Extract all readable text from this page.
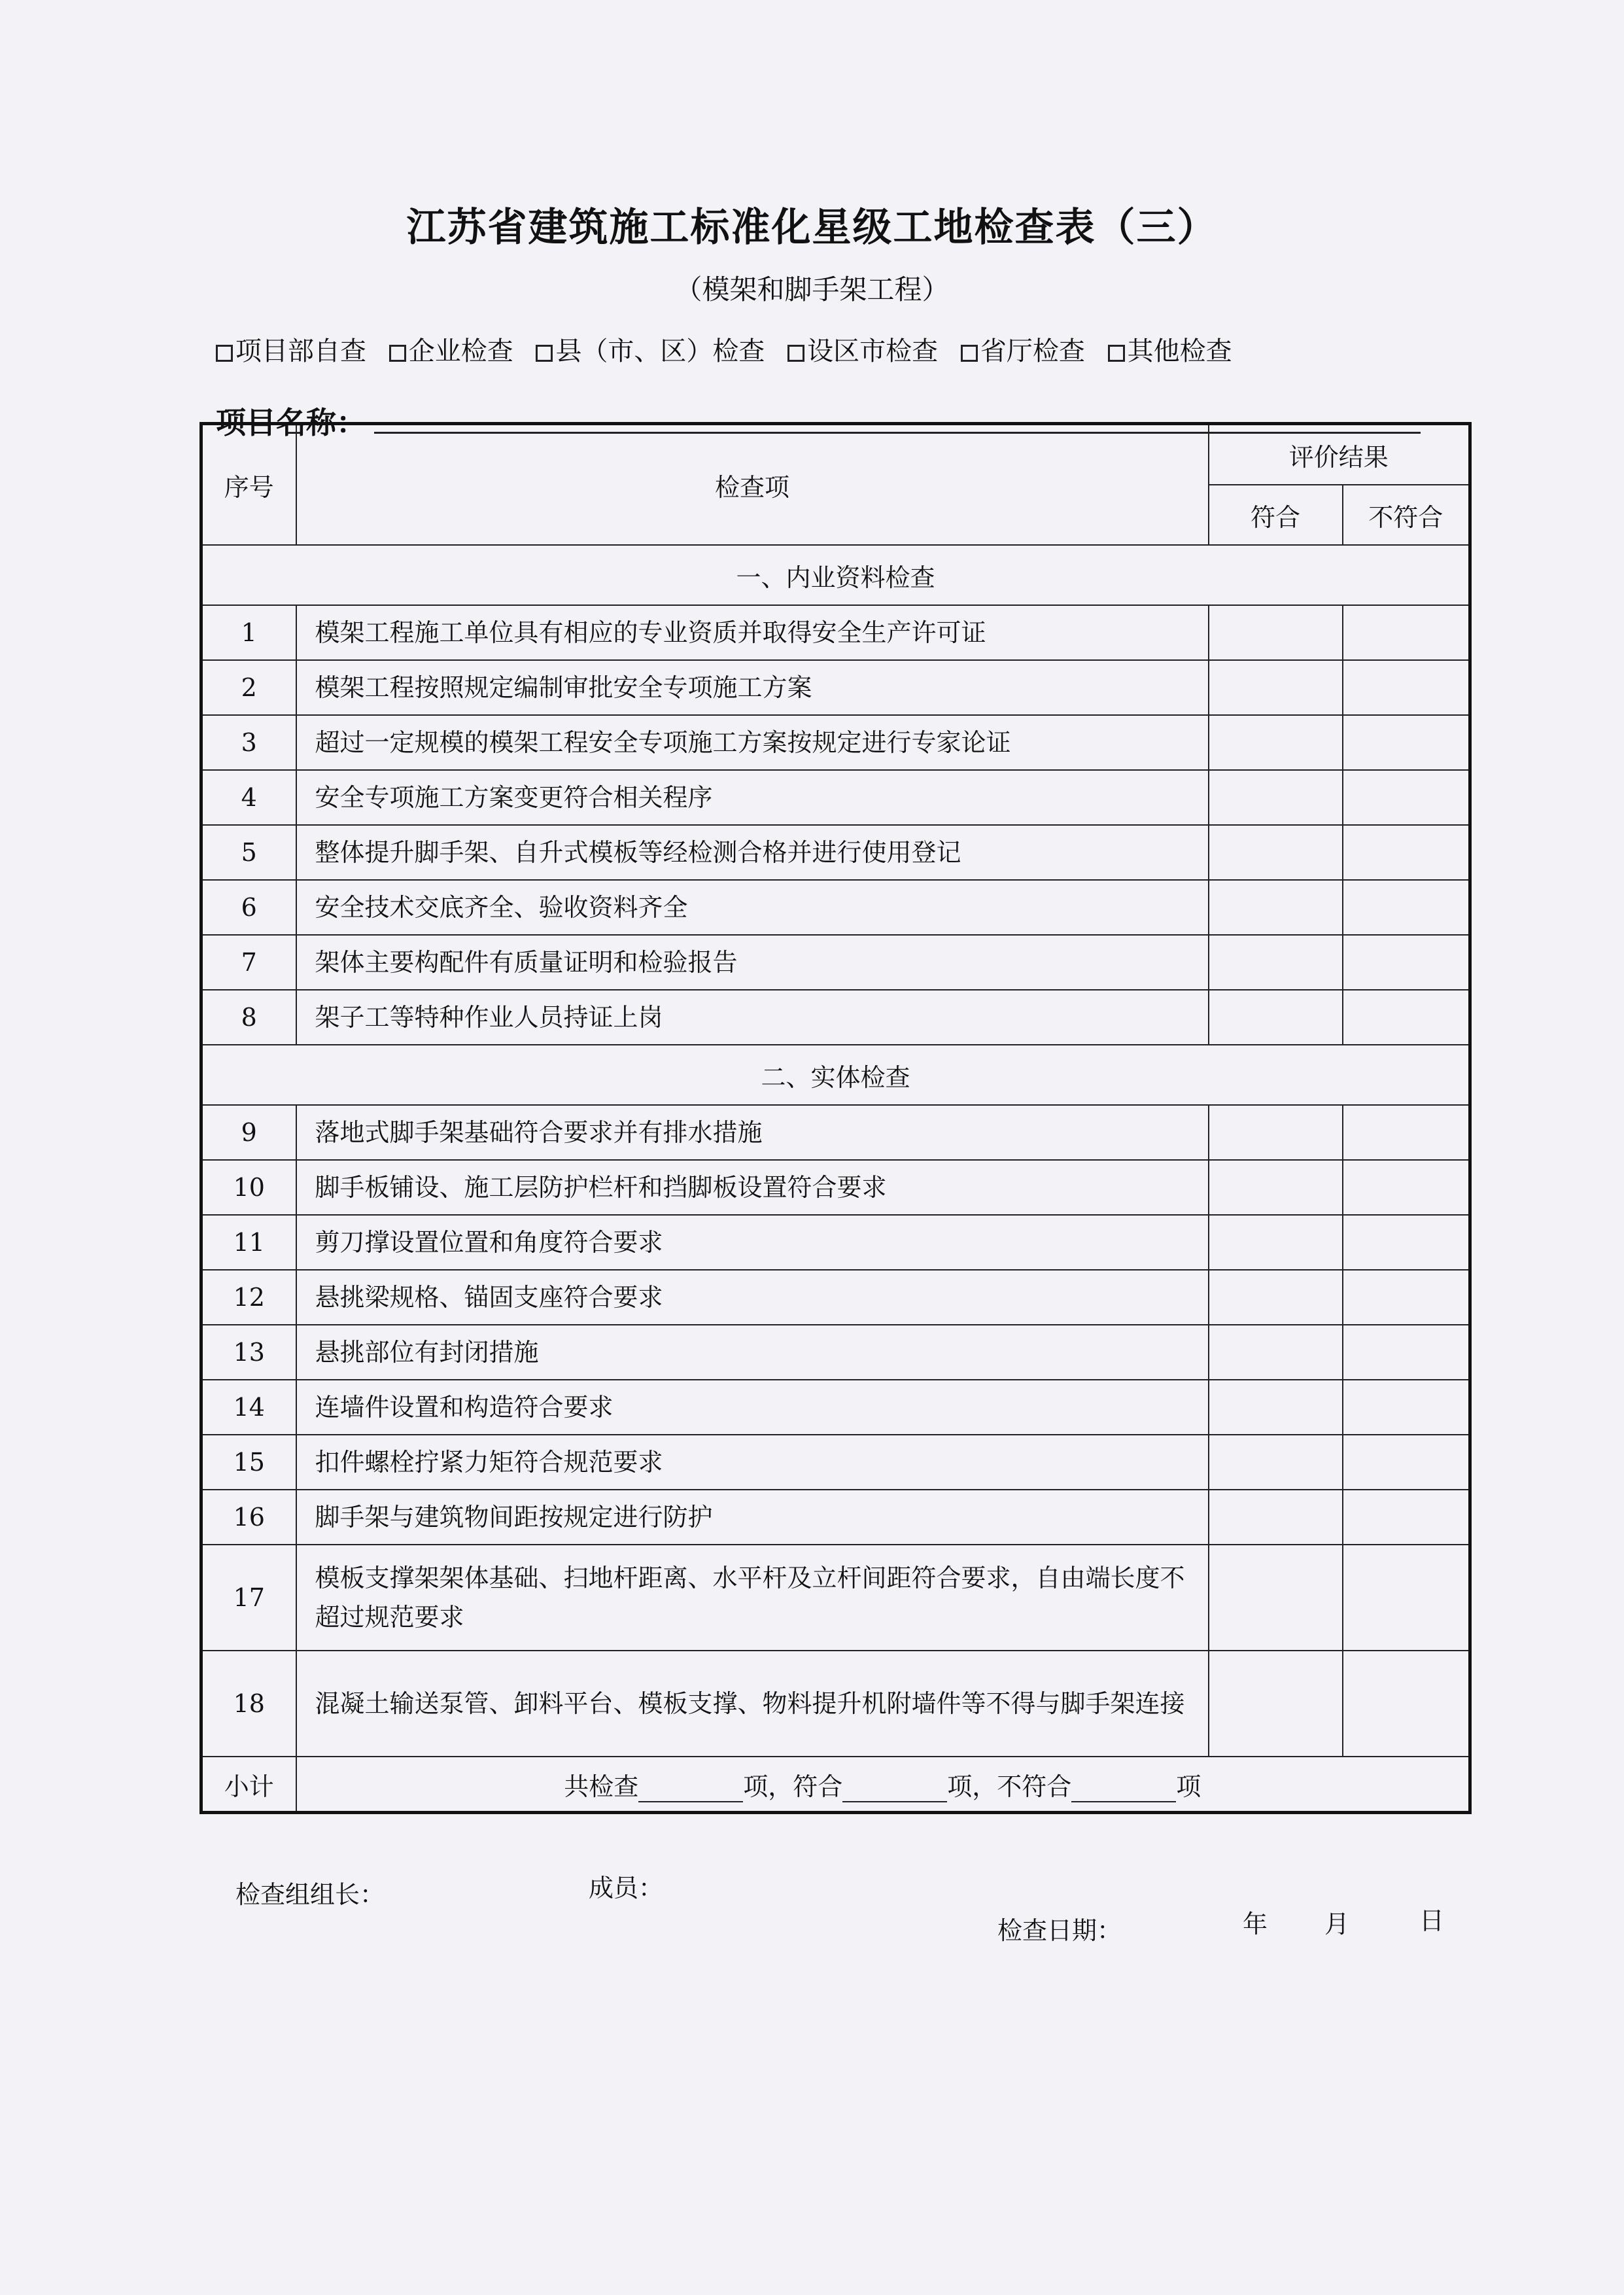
江苏省建筑施工标准化星级工地检查表（三）
（模架和脚手架工程）
项目部自查 企业检查 县（市、区）检查 设区市检查 省厅检查 其他检查
项目名称：
序号	检查项	评价结果	
		符合	不符合
一、内业资料检查			
1	模架工程施工单位具有相应的专业资质并取得安全生产许可证		
2	模架工程按照规定编制审批安全专项施工方案		
3	超过一定规模的模架工程安全专项施工方案按规定进行专家论证		
4	安全专项施工方案变更符合相关程序		
5	整体提升脚手架、自升式模板等经检测合格并进行使用登记		
6	安全技术交底齐全、验收资料齐全		
7	架体主要构配件有质量证明和检验报告		
8	架子工等特种作业人员持证上岗		
二、实体检查			
9	落地式脚手架基础符合要求并有排水措施		
10	脚手板铺设、施工层防护栏杆和挡脚板设置符合要求		
11	剪刀撑设置位置和角度符合要求		
12	悬挑梁规格、锚固支座符合要求		
13	悬挑部位有封闭措施		
14	连墙件设置和构造符合要求		
15	扣件螺栓拧紧力矩符合规范要求		
16	脚手架与建筑物间距按规定进行防护		
17	模板支撑架架体基础、扫地杆距离、水平杆及立杆间距符合要求，自由端长度不超过规范要求		
18	混凝土输送泵管、卸料平台、模板支撑、物料提升机附墙件等不得与脚手架连接		
小计	共检查 项，符合 项，不符合 项		
检查组组长：	成员：
检查日期：	年 月	日
